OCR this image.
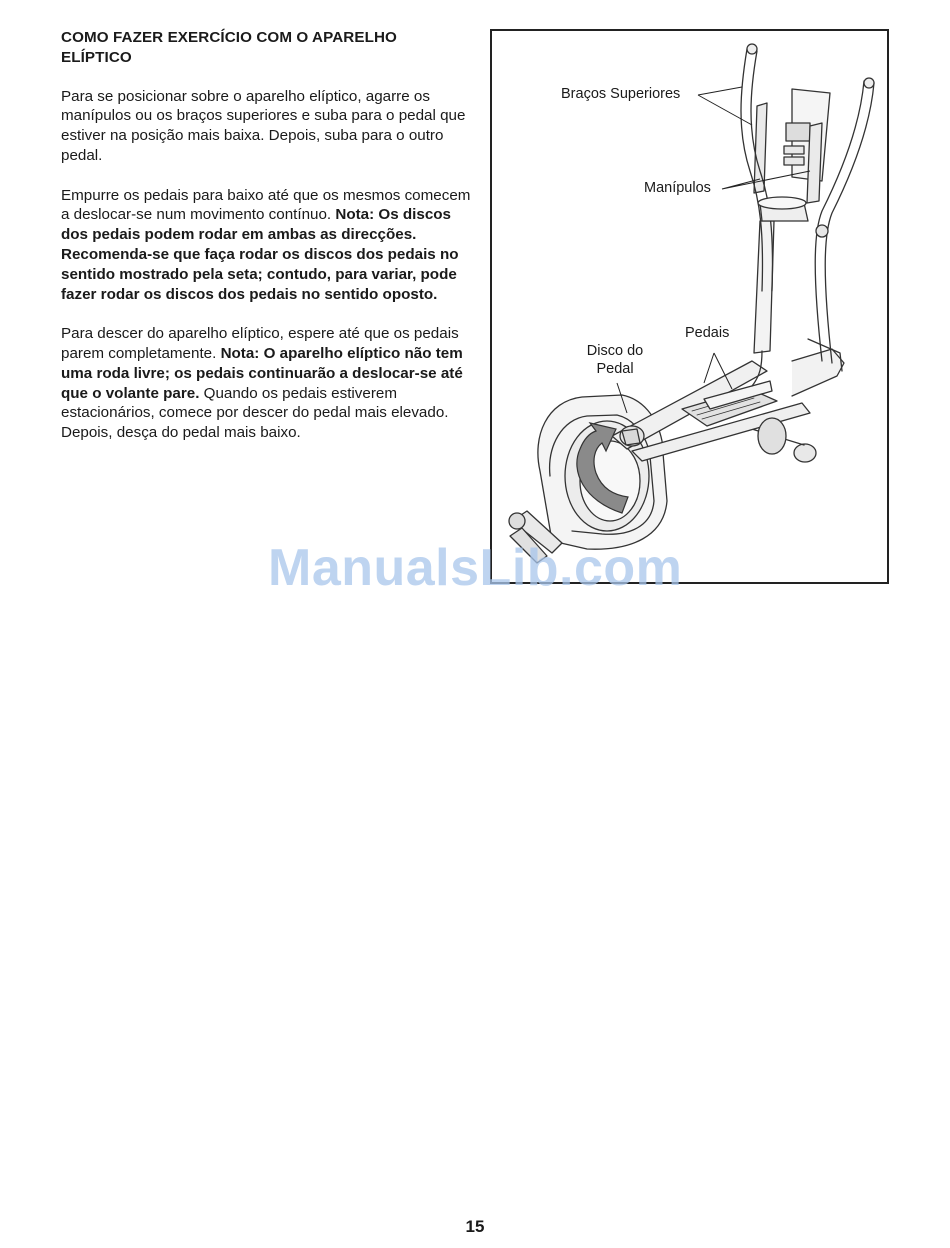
COMO FAZER EXERCÍCIO COM O APARELHO
ELÍPTICO

Para se posicionar sobre o aparelho elíptico, agarre os manípulos ou os braços superiores e suba para o pedal que estiver na posição mais baixa. Depois, suba para o outro pedal.

Empurre os pedais para baixo até que os mesmos comecem a deslocar-se num movimento contínuo. Nota: Os discos dos pedais podem rodar em ambas as direcções. Recomenda-se que faça rodar os discos dos pedais no sentido mostrado pela seta; contudo, para variar, pode fazer rodar os discos dos pedais no sentido oposto.

Para descer do aparelho elíptico, espere até que os pedais parem completamente. Nota: O aparelho elíptico não tem uma roda livre; os pedais continuarão a deslocar-se até que o volante pare. Quando os pedais estiverem estacionários, comece por descer do pedal mais elevado. Depois, desça do pedal mais baixo.

Braços Superiores
Manípulos
Pedais
Disco do
Pedal
ManualsLib.com
15
